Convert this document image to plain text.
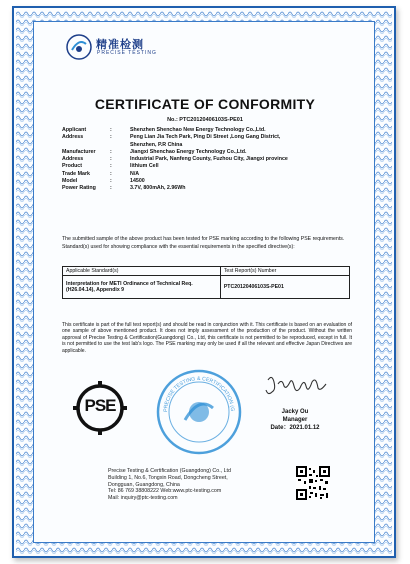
精准检测
PRECISE TESTING
CERTIFICATE OF CONFORMITY
No.: PTC20120406103S-PE01
Applicant	:	Shenzhen Shenchao New Energy Technology Co.,Ltd.
Address	:	Peng Lian Jia Tech Park, Ping Di Street ,Long Gang District,
Shenzhen, P.R China
Manufacturer	:	Jiangxi Shenchao Energy Technology Co.,Ltd.
Address	:	Industrial Park, Nanfeng County, Fuzhou City, Jiangxi province
Product	:	lithium Cell
Trade Mark	:	N/A
Model	:	14500
Power Rating	:	3.7V, 800mAh, 2.96Wh
The submitted sample of the above product has been tested for PSE marking according to the following PSE requirements. Standard(s) used for showing compliance with the essential requirements in the specified directive(s):
Applicable Standard(s)	Test Report(s) Number
Interpretation for METI Ordinance of Technical Req. (H26.04.14), Appendix 9	PTC20120406103S-PE01
This certificate is part of the full test report(s) and should be read in conjunction with it. This certificate is based on an evaluation of one sample of above mentioned product. It does not imply assessment of the production of the product. Without the written approval of Precise Testing & Certification(Guangdong) Co., Ltd, this certificate is not permitted to be reproduced, except in full. It is not permitted to use the test lab's logo. The PSE marking may only be used if all the relevant and effective Japan Directives are applicable.
PSE	PRECISE TESTING & CERTIFICATION (G	Jacky Ou
Manager
Date：2021.01.12
Precise Testing & Certification (Guangdong) Co., Ltd
Building 1, No.6, Tongxin Road, Dongcheng Street,
Dongguan, Guangdong, China
Tel: 86 769 38808222 Web:www.ptc-testing.com
Mail: inquiry@ptc-testing.com
